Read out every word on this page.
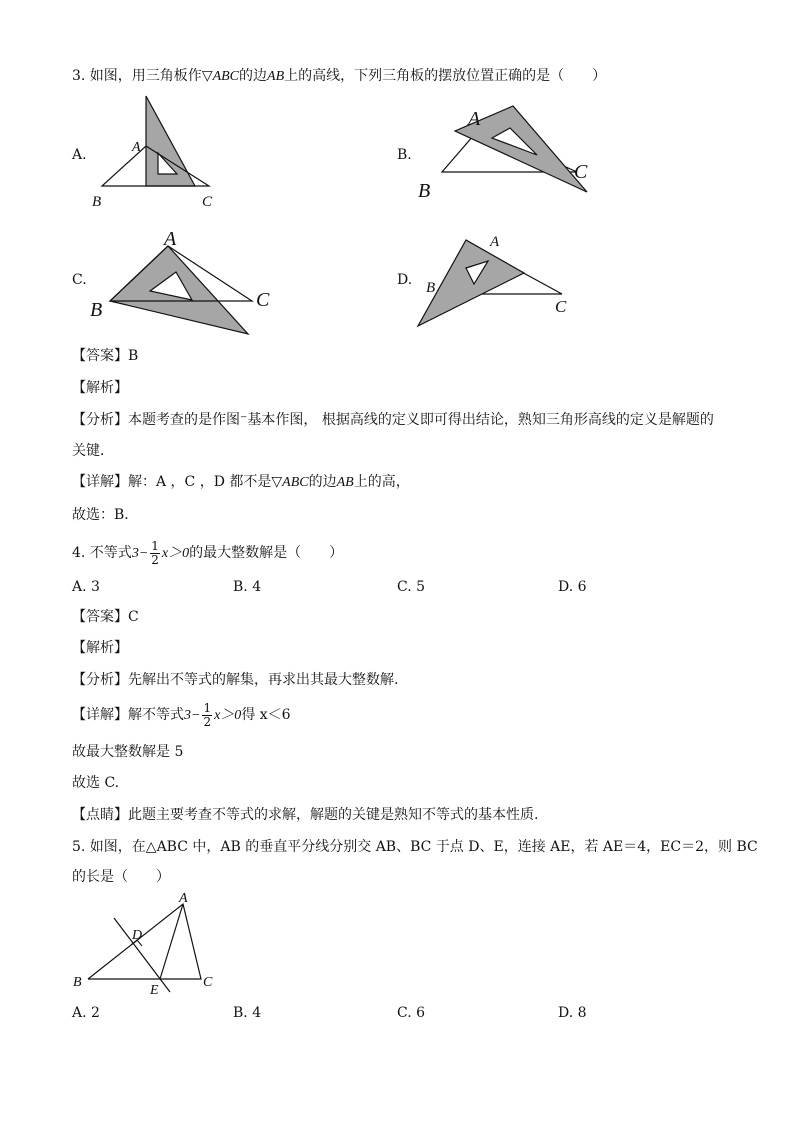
3. 如图，用三角板作▽ABC的边AB上的高线，下列三角板的摆放位置正确的是（　　）
A.	B.
C.	D.
A
B	C
A
B
C
A
B	C
A
B
C
【答案】B
【解析】
【分析】本题考查的是作图⁻基本作图， 根据高线的定义即可得出结论，熟知三角形高线的定义是解题的
关键．
【详解】解：A ，C ，D 都不是▽ABC的边AB上的高，
故选：B．
4. 不等式$3- \frac{1}{2} x>0$的最大整数解是（　　）
A. 3	B. 4	C. 5	D. 6
【答案】C
【解析】
【分析】先解出不等式的解集，再求出其最大整数解.
【详解】解不等式$3- \frac{1}{2} x>0$得 x＜6
故最大整数解是 5
故选 C.
【点睛】此题主要考查不等式的求解，解题的关键是熟知不等式的基本性质.
5. 如图，在△ABC 中，AB 的垂直平分线分别交 AB、BC 于点 D、E，连接 AE，若 AE＝4，EC＝2，则 BC
的长是（　　）
A
B	C
D
E
A. 2	B. 4	C. 6	D. 8
